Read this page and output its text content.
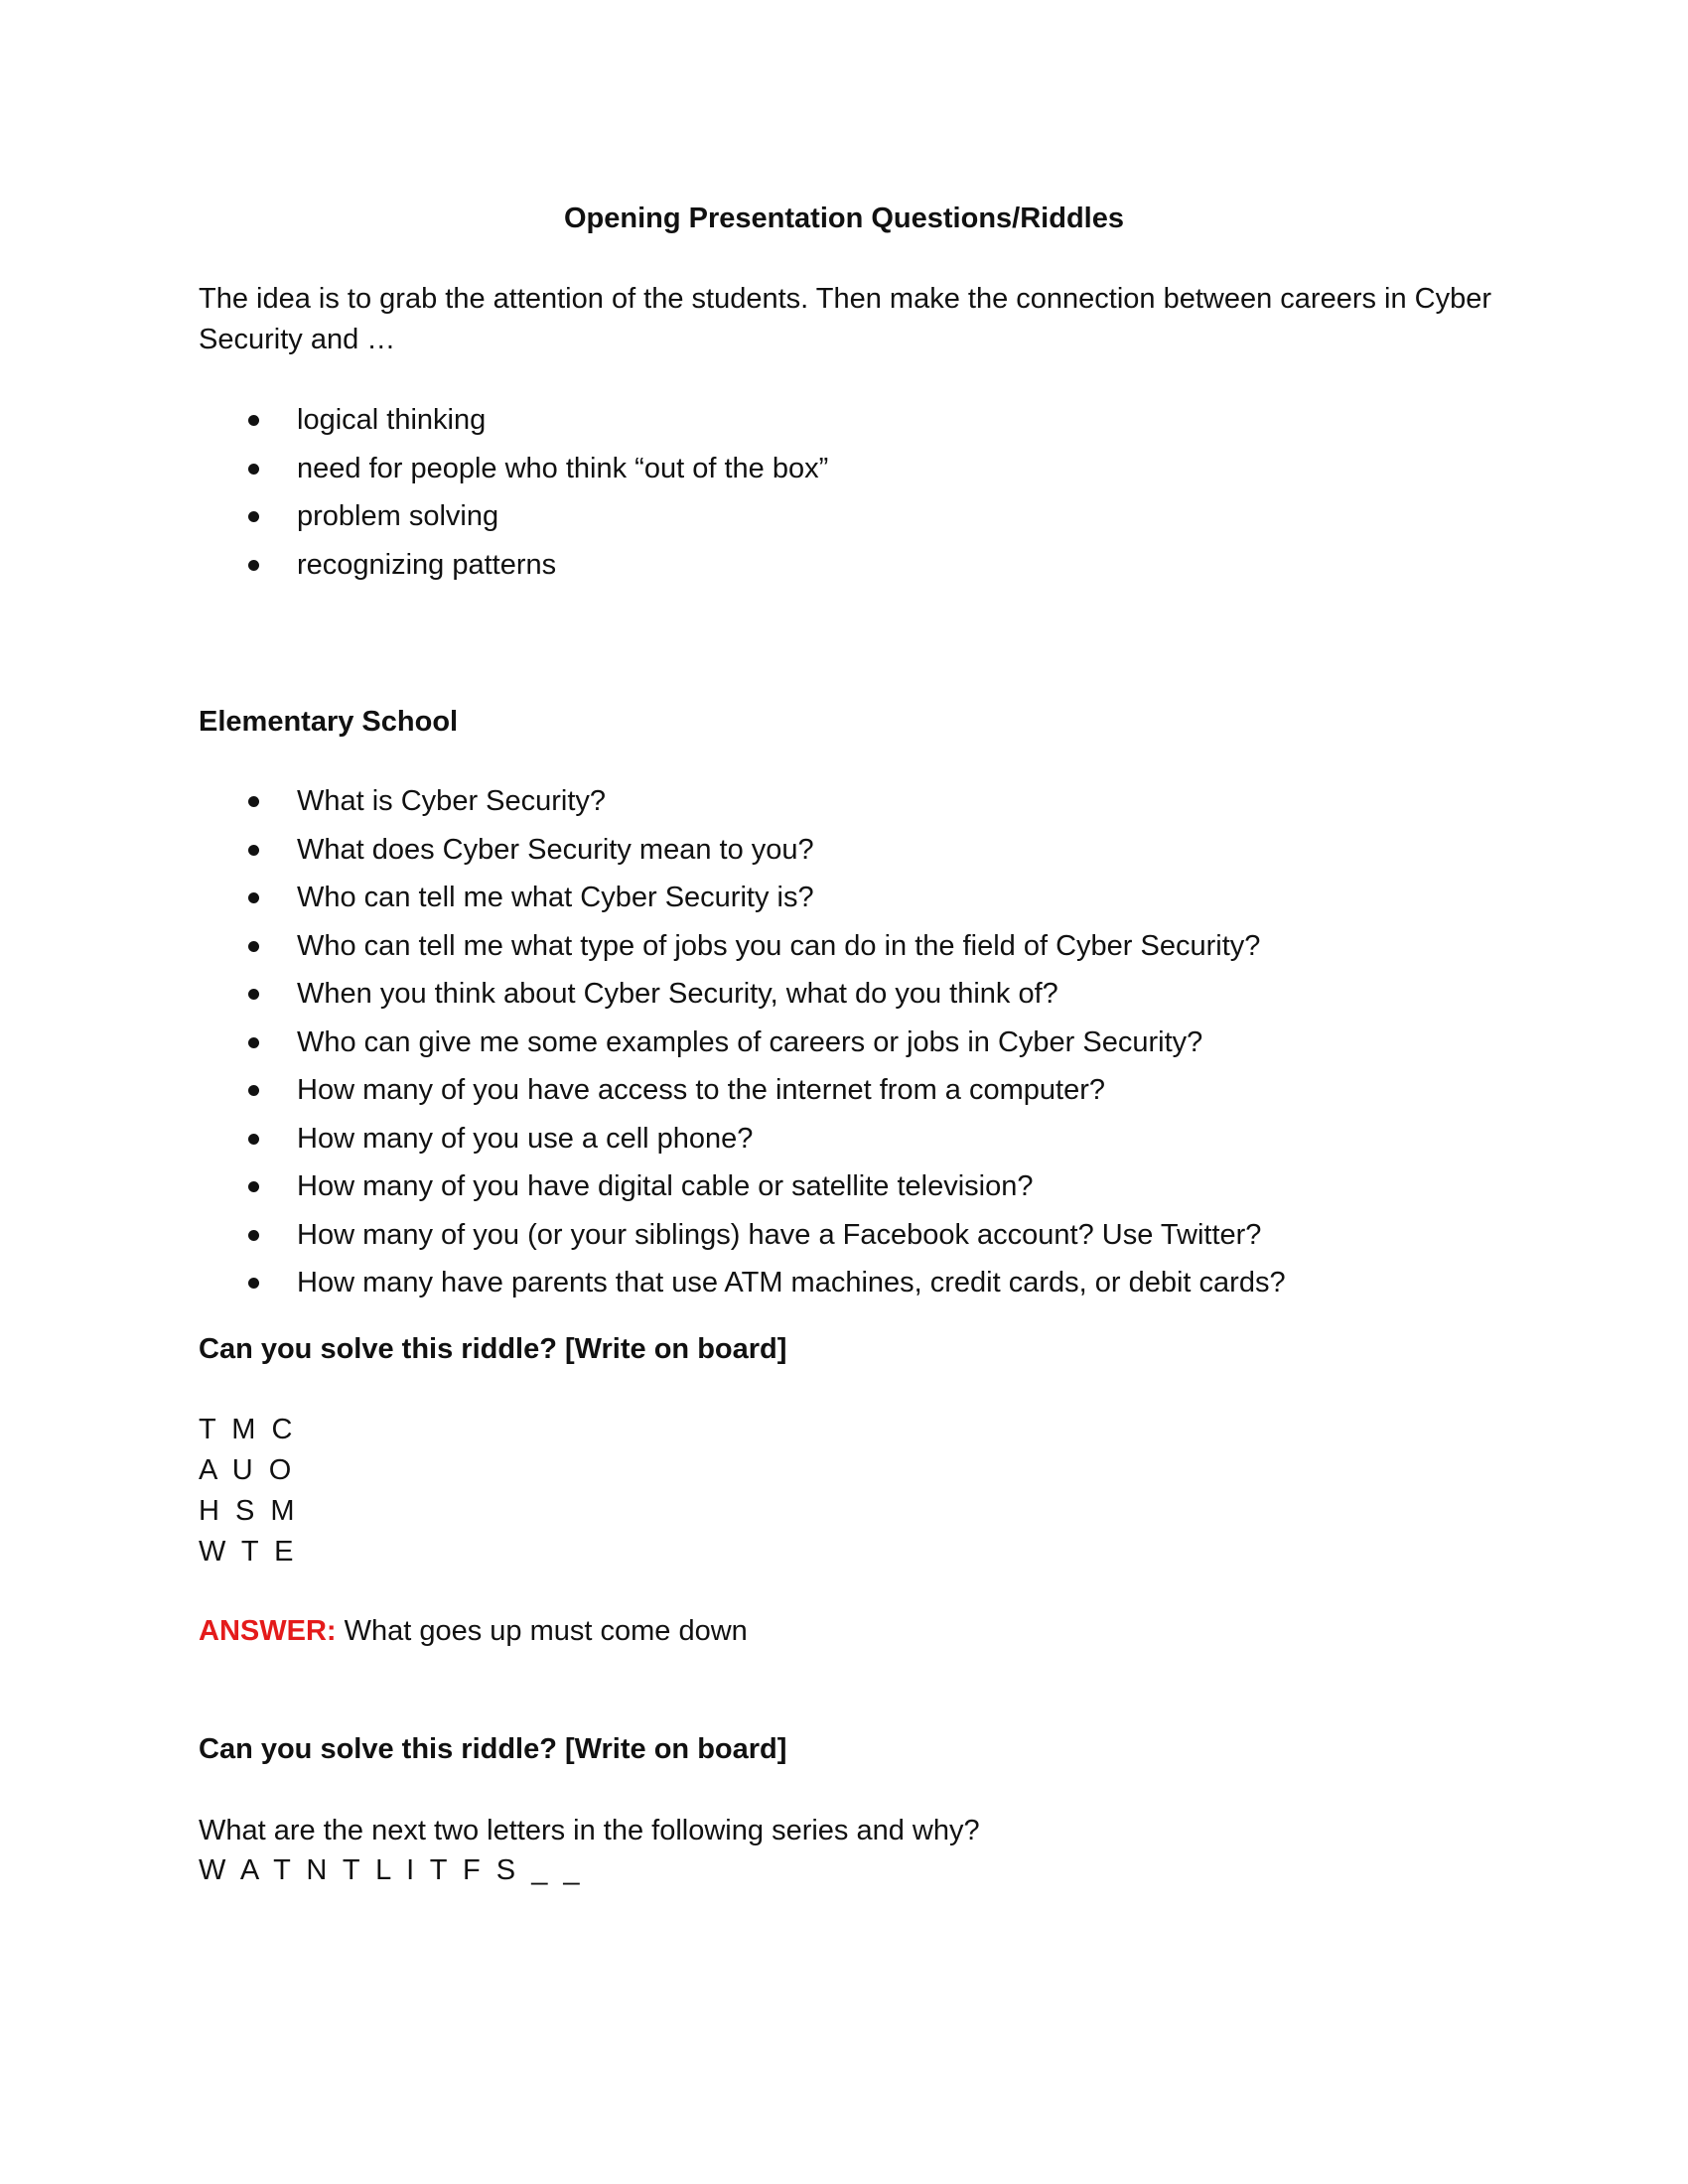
Opening Presentation Questions/Riddles
The idea is to grab the attention of the students. Then make the connection between careers in Cyber Security and …
logical thinking
need for people who think “out of the box”
problem solving
recognizing patterns
Elementary School
What is Cyber Security?
What does Cyber Security mean to you?
Who can tell me what Cyber Security is?
Who can tell me what type of jobs you can do in the field of Cyber Security?
When you think about Cyber Security, what do you think of?
Who can give me some examples of careers or jobs in Cyber Security?
How many of you have access to the internet from a computer?
How many of you use a cell phone?
How many of you have digital cable or satellite television?
How many of you (or your siblings) have a Facebook account? Use Twitter?
How many have parents that use ATM machines, credit cards, or debit cards?
Can you solve this riddle? [Write on board]
T M C
A U O
H S M
W T E
ANSWER: What goes up must come down
Can you solve this riddle? [Write on board]
What are the next two letters in the following series and why?
W A T N T L I T F S _ _
